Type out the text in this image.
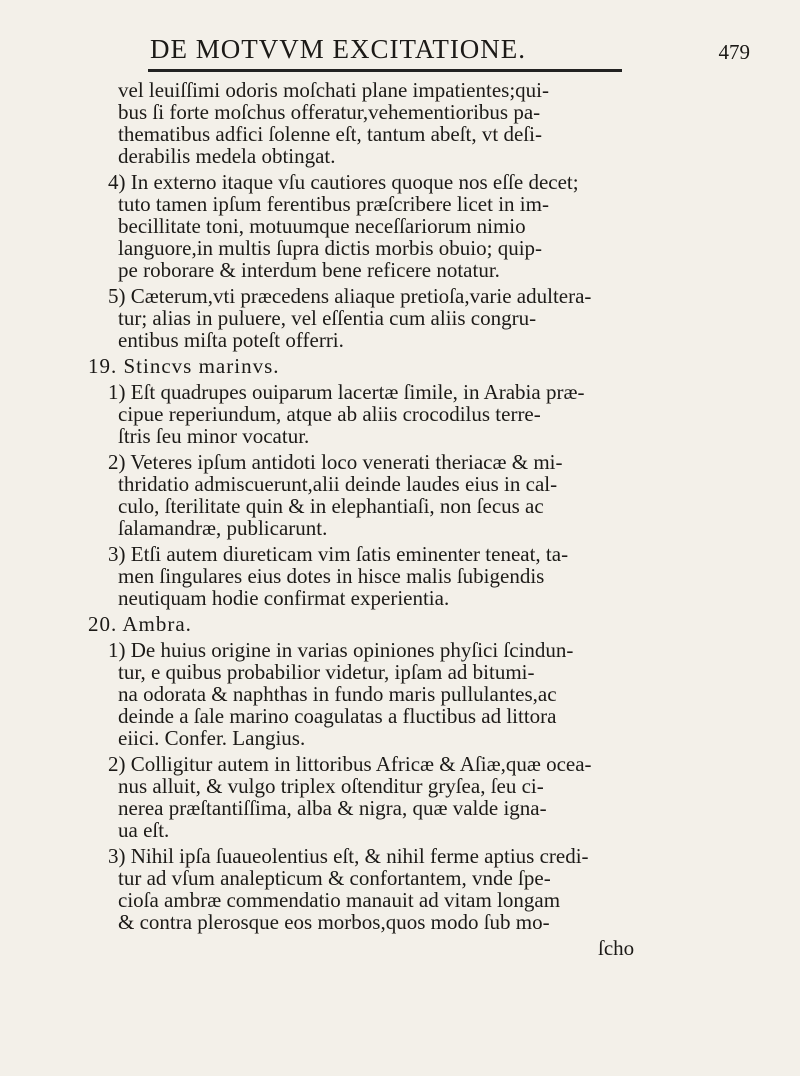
DE MOTVVM EXCITATIONE.	479
vel leuiſſimi odoris moſchati plane impatientes;qui-
bus ſi forte moſchus offeratur,vehementioribus pa-
thematibus adfici ſolenne eſt, tantum abeſt, vt deſi-
derabilis medela obtingat.
4) In externo itaque vſu cautiores quoque nos eſſe decet;
tuto tamen ipſum ferentibus præſcribere licet in im-
becillitate toni, motuumque neceſſariorum nimio
languore,in multis ſupra dictis morbis obuio; quip-
pe roborare & interdum bene reficere notatur.
5) Cæterum,vti præcedens aliaque pretioſa,varie adultera-
tur; alias in puluere, vel eſſentia cum aliis congru-
entibus miſta poteſt offerri.
19. Stincvs marinvs.
1) Eſt quadrupes ouiparum lacertæ ſimile, in Arabia præ-
cipue reperiundum, atque ab aliis crocodilus terre-
ſtris ſeu minor vocatur.
2) Veteres ipſum antidoti loco venerati theriacæ & mi-
thridatio admiscuerunt,alii deinde laudes eius in cal-
culo, ſterilitate quin & in elephantiaſi, non ſecus ac
ſalamandræ, publicarunt.
3) Etſi autem diureticam vim ſatis eminenter teneat, ta-
men ſingulares eius dotes in hisce malis ſubigendis
neutiquam hodie confirmat experientia.
20. Ambra.
1) De huius origine in varias opiniones phyſici ſcindun-
tur, e quibus probabilior videtur, ipſam ad bitumi-
na odorata & naphthas in fundo maris pullulantes,ac
deinde a ſale marino coagulatas a fluctibus ad littora
eiici. Confer. Langius.
2) Colligitur autem in littoribus Africæ & Aſiæ,quæ ocea-
nus alluit, & vulgo triplex oſtenditur gryſea, ſeu ci-
nerea præſtantiſſima, alba & nigra, quæ valde igna-
ua eſt.
3) Nihil ipſa ſuaueolentius eſt, & nihil ferme aptius credi-
tur ad vſum analepticum & confortantem, vnde ſpe-
cioſa ambræ commendatio manauit ad vitam longam
& contra plerosque eos morbos,quos modo ſub mo-
ſcho
